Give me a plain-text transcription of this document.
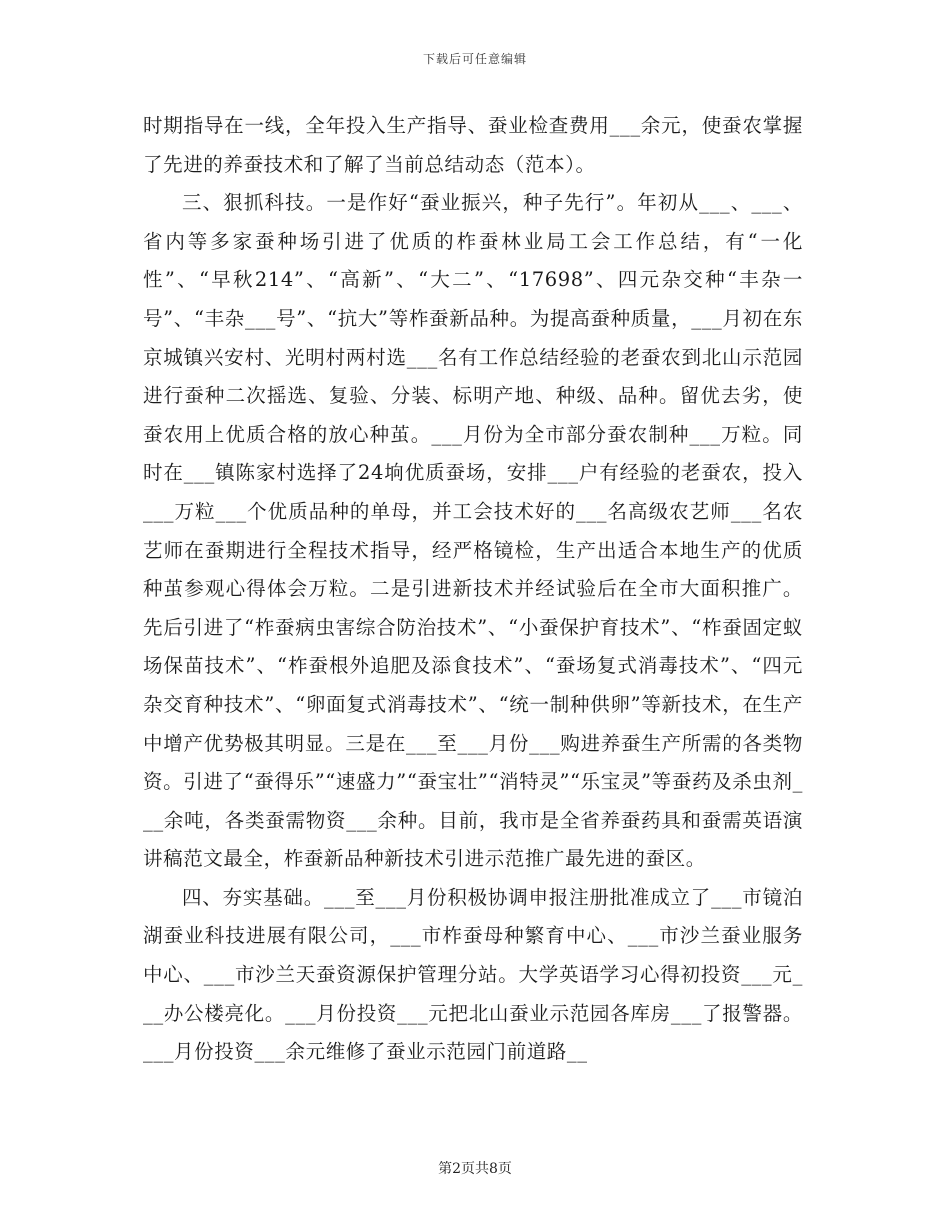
下载后可任意编辑

时期指导在一线，全年投入生产指导、蚕业检查费用___余元，使蚕农掌握了先进的养蚕技术和了解了当前总结动态（范本）。

三、狠抓科技。一是作好“蚕业振兴，种子先行”。年初从___、___、省内等多家蚕种场引进了优质的柞蚕林业局工会工作总结，有“一化性”、“早秋214”、“高新”、“大二”、“17698”、四元杂交种“丰杂一号”、“丰杂___号”、“抗大”等柞蚕新品种。为提高蚕种质量，___月初在东京城镇兴安村、光明村两村选___名有工作总结经验的老蚕农到北山示范园进行蚕种二次摇选、复验、分装、标明产地、种级、品种。留优去劣，使蚕农用上优质合格的放心种茧。___月份为全市部分蚕农制种___万粒。同时在___镇陈家村选择了24垧优质蚕场，安排___户有经验的老蚕农，投入___万粒___个优质品种的单母，并工会技术好的___名高级农艺师___名农艺师在蚕期进行全程技术指导，经严格镜检，生产出适合本地生产的优质种茧参观心得体会万粒。二是引进新技术并经试验后在全市大面积推广。先后引进了“柞蚕病虫害综合防治技术”、“小蚕保护育技术”、“柞蚕固定蚁场保苗技术”、“柞蚕根外追肥及添食技术”、“蚕场复式消毒技术”、“四元杂交育种技术”、“卵面复式消毒技术”、“统一制种供卵”等新技术，在生产中增产优势极其明显。三是在___至___月份___购进养蚕生产所需的各类物资。引进了“蚕得乐”“速盛力”“蚕宝壮”“消特灵”“乐宝灵”等蚕药及杀虫剂___余吨，各类蚕需物资___余种。目前，我市是全省养蚕药具和蚕需英语演讲稿范文最全，柞蚕新品种新技术引进示范推广最先进的蚕区。

四、夯实基础。___至___月份积极协调申报注册批准成立了___市镜泊湖蚕业科技进展有限公司，___市柞蚕母种繁育中心、___市沙兰蚕业服务中心、___市沙兰天蚕资源保护管理分站。大学英语学习心得初投资___元___办公楼亮化。___月份投资___元把北山蚕业示范园各库房___了报警器。___月份投资___余元维修了蚕业示范园门前道路__

第2页共8页
